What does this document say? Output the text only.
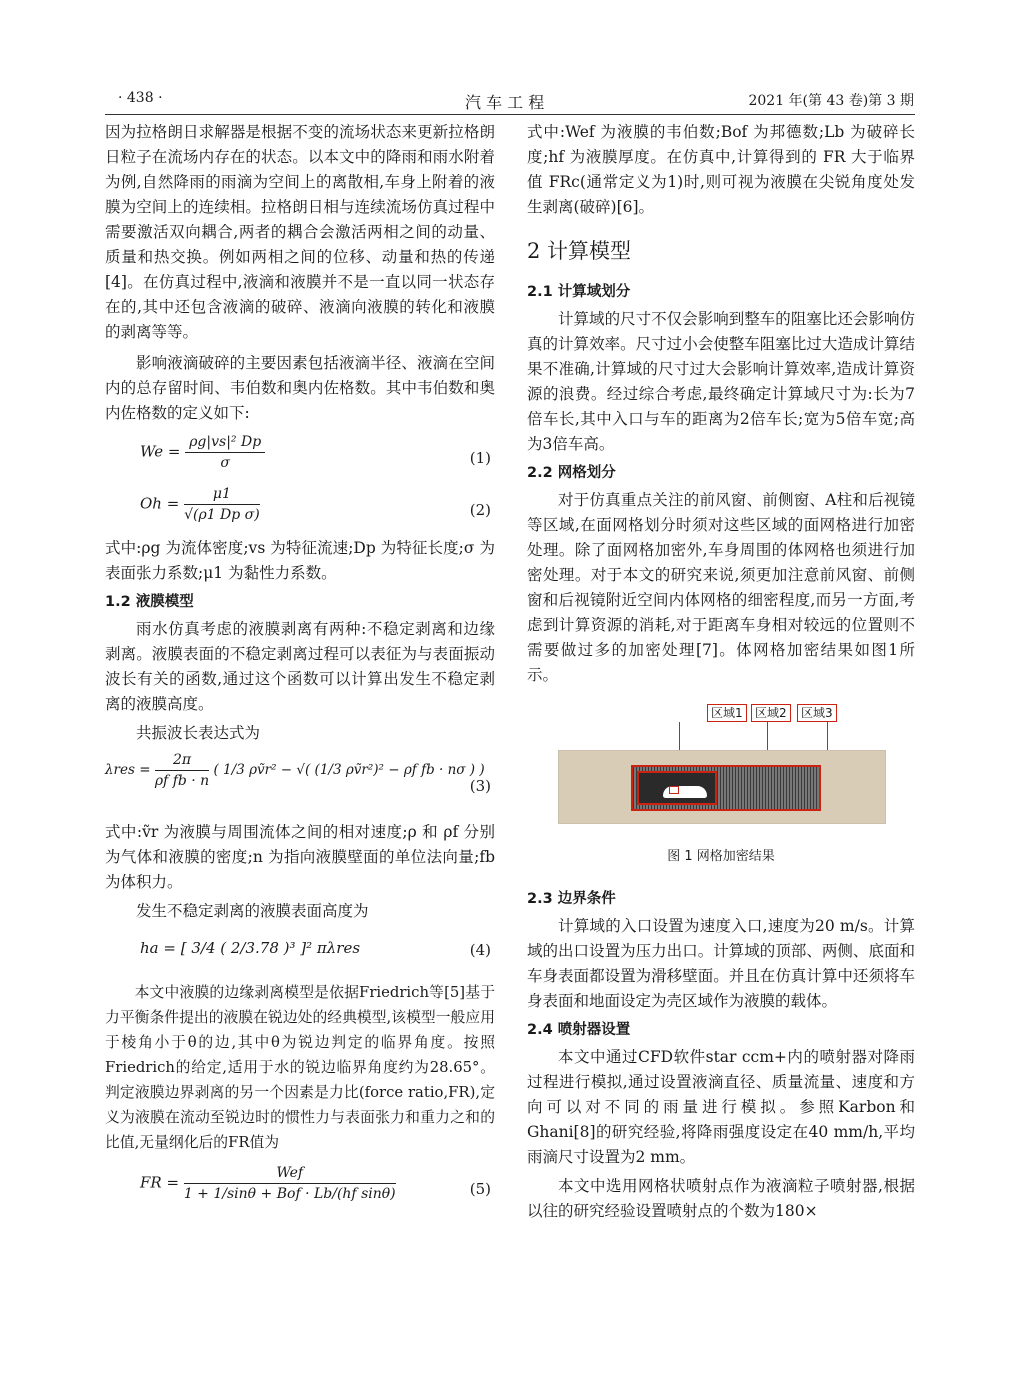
· 438 ·	汽 车 工 程	2021 年(第 43 卷)第 3 期

因为拉格朗日求解器是根据不变的流场状态来更新拉格朗日粒子在流场内存在的状态。以本文中的降雨和雨水附着为例,自然降雨的雨滴为空间上的离散相,车身上附着的液膜为空间上的连续相。拉格朗日相与连续流场仿真过程中需要激活双向耦合,两者的耦合会激活两相之间的动量、质量和热交换。例如两相之间的位移、动量和热的传递[4]。在仿真过程中,液滴和液膜并不是一直以同一状态存在的,其中还包含液滴的破碎、液滴向液膜的转化和液膜的剥离等等。

影响液滴破碎的主要因素包括液滴半径、液滴在空间内的总存留时间、韦伯数和奥内佐格数。其中韦伯数和奥内佐格数的定义如下:

$We = \frac{\text{ρg|vs|² Dp}}{\sigma}$	(1)
$Oh = \frac{\mu 1}{\text{√(ρ1 Dp σ)}}$	(2)

式中:ρg 为流体密度;vs 为特征流速;Dp 为特征长度;σ 为表面张力系数;μ1 为黏性力系数。

1.2 液膜模型

雨水仿真考虑的液膜剥离有两种:不稳定剥离和边缘剥离。液膜表面的不稳定剥离过程可以表征为与表面振动波长有关的函数,通过这个函数可以计算出发生不稳定剥离的液膜高度。

共振波长表达式为

$\lambda res = \frac{2\pi}{\text{ρf fb · n}}$ ( 1/3 ρṽr² − √( (1/3 ρṽr²)² − ρf fb · nσ ) )
(3)

式中:ṽr 为液膜与周围流体之间的相对速度;ρ 和 ρf 分别为气体和液膜的密度;n 为指向液膜壁面的单位法向量;fb 为体积力。

发生不稳定剥离的液膜表面高度为

ha = [ 3/4 ( 2/3.78 )³ ]² πλres	(4)

本文中液膜的边缘剥离模型是依据Friedrich等[5]基于力平衡条件提出的液膜在锐边处的经典模型,该模型一般应用于棱角小于θ的边,其中θ为锐边判定的临界角度。按照Friedrich的给定,适用于水的锐边临界角度约为28.65°。判定液膜边界剥离的另一个因素是力比(force ratio,FR),定义为液膜在流动至锐边时的惯性力与表面张力和重力之和的比值,无量纲化后的FR值为

FR = $\frac{\text{Wef}}{\text{1 + 1/sinθ + Bof · Lb/(hf sinθ)}}$	(5)

式中:Wef 为液膜的韦伯数;Bof 为邦德数;Lb 为破碎长度;hf 为液膜厚度。在仿真中,计算得到的 FR 大于临界值 FRc(通常定义为1)时,则可视为液膜在尖锐角度处发生剥离(破碎)[6]。

2 计算模型
2.1 计算域划分

计算域的尺寸不仅会影响到整车的阻塞比还会影响仿真的计算效率。尺寸过小会使整车阻塞比过大造成计算结果不准确,计算域的尺寸过大会影响计算效率,造成计算资源的浪费。经过综合考虑,最终确定计算域尺寸为:长为7倍车长,其中入口与车的距离为2倍车长;宽为5倍车宽;高为3倍车高。

2.2 网格划分

对于仿真重点关注的前风窗、前侧窗、A柱和后视镜等区域,在面网格划分时须对这些区域的面网格进行加密处理。除了面网格加密外,车身周围的体网格也须进行加密处理。对于本文的研究来说,须更加注意前风窗、前侧窗和后视镜附近空间内体网格的细密程度,而另一方面,考虑到计算资源的消耗,对于距离车身相对较远的位置则不需要做过多的加密处理[7]。体网格加密结果如图1所示。

区域1	区域2	区域3
图 1 网格加密结果
2.3 边界条件

计算域的入口设置为速度入口,速度为20 m/s。计算域的出口设置为压力出口。计算域的顶部、两侧、底面和车身表面都设置为滑移壁面。并且在仿真计算中还须将车身表面和地面设定为壳区域作为液膜的载体。

2.4 喷射器设置

本文中通过CFD软件star ccm+内的喷射器对降雨过程进行模拟,通过设置液滴直径、质量流量、速度和方向可以对不同的雨量进行模拟。参照Karbon和Ghani[8]的研究经验,将降雨强度设定在40 mm/h,平均雨滴尺寸设置为2 mm。

本文中选用网格状喷射点作为液滴粒子喷射器,根据以往的研究经验设置喷射点的个数为180×
